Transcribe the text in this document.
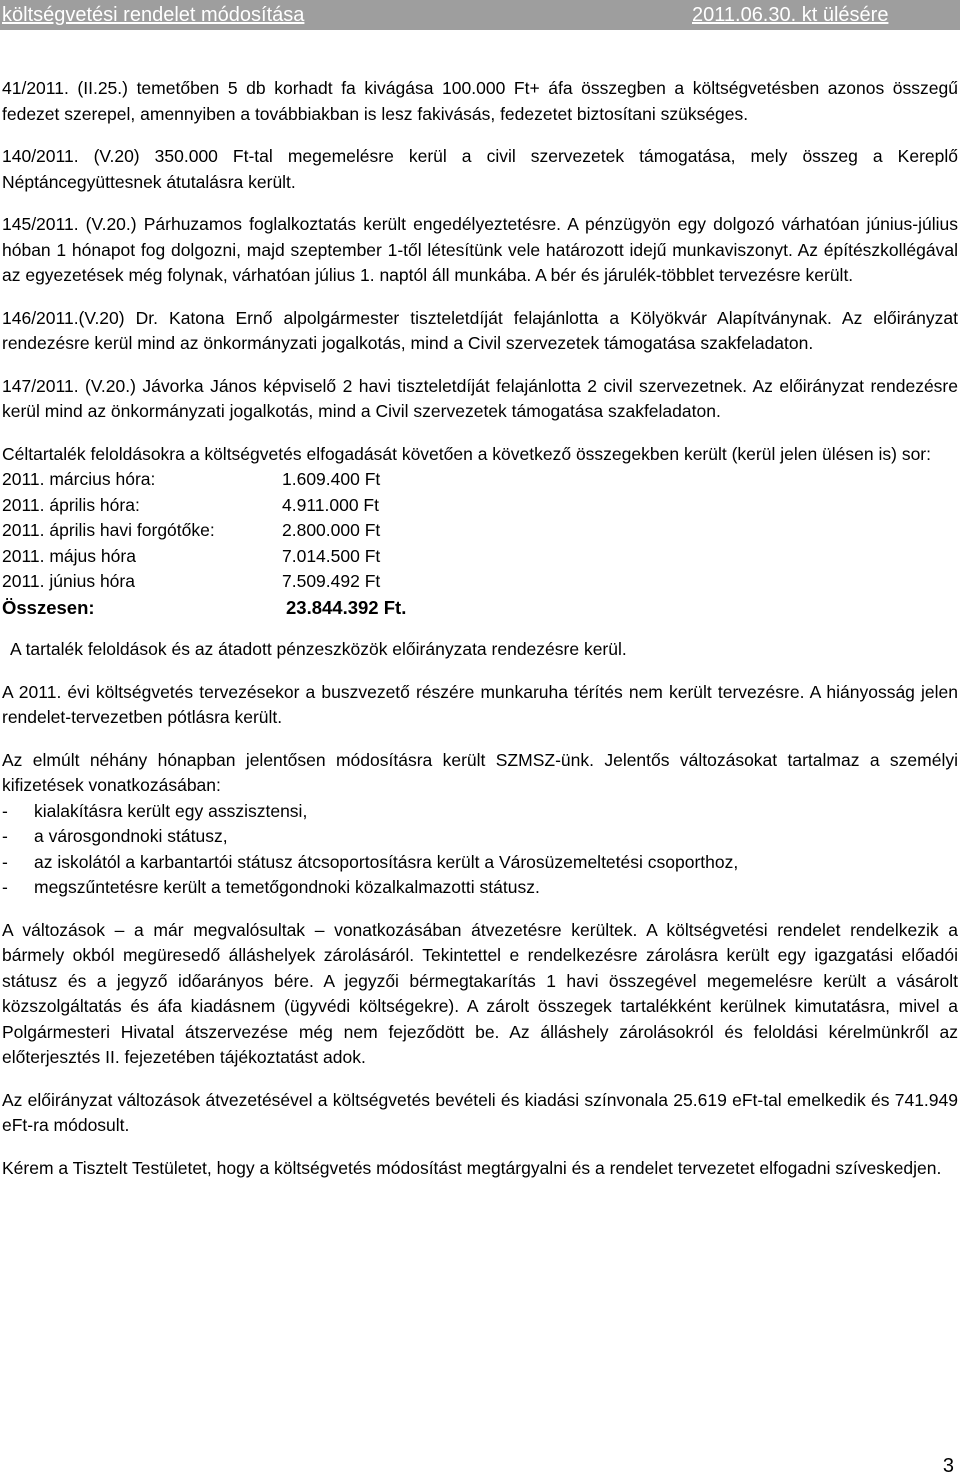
költségvetési rendelet módosítása	2011.06.30. kt ülésére

41/2011. (II.25.) temetőben 5 db korhadt fa kivágása 100.000 Ft+ áfa összegben a költségvetésben azonos összegű fedezet szerepel, amennyiben a továbbiakban is lesz fakivásás, fedezetet biztosítani szükséges.

140/2011. (V.20) 350.000 Ft-tal megemelésre kerül a civil szervezetek támogatása, mely összeg a Kereplő Néptáncegyüttesnek átutalásra került.

145/2011. (V.20.) Párhuzamos foglalkoztatás került engedélyeztetésre. A pénzügyön egy dolgozó várhatóan június-július hóban 1 hónapot fog dolgozni, majd szeptember 1-től létesítünk vele határozott idejű munkaviszonyt. Az építészkollégával az egyezetések még folynak, várhatóan július 1. naptól áll munkába. A bér és járulék-többlet tervezésre került.

146/2011.(V.20) Dr. Katona Ernő alpolgármester tiszteletdíját felajánlotta a Kölyökvár Alapítványnak. Az előirányzat rendezésre kerül mind az önkormányzati jogalkotás, mind a Civil szervezetek támogatása szakfeladaton.

147/2011. (V.20.) Jávorka János képviselő 2 havi tiszteletdíját felajánlotta 2 civil szervezetnek. Az előirányzat rendezésre kerül mind az önkormányzati jogalkotás, mind a Civil szervezetek támogatása szakfeladaton.

Céltartalék feloldásokra a költségvetés elfogadását követően a következő összegekben került (kerül jelen ülésen is) sor:

2011. március hóra:	1.609.400 Ft
2011. április hóra:	4.911.000 Ft
2011. április havi forgótőke:	2.800.000 Ft
2011. május hóra	7.014.500 Ft
2011. június hóra	7.509.492 Ft
Összesen:	23.844.392 Ft.

A tartalék feloldások és az átadott pénzeszközök előirányzata rendezésre kerül.

A 2011. évi költségvetés tervezésekor a buszvezető részére munkaruha térítés nem került tervezésre. A hiányosság jelen rendelet-tervezetben pótlásra került.

Az elmúlt néhány hónapban jelentősen módosításra került SZMSZ-ünk. Jelentős változásokat tartalmaz a személyi kifizetések vonatkozásában:

-	kialakításra került egy asszisztensi,
-	a városgondnoki státusz,
-	az iskolától a karbantartói státusz átcsoportosításra került a Városüzemeltetési csoporthoz,
-	megszűntetésre került a temetőgondnoki közalkalmazotti státusz.

A változások – a már megvalósultak – vonatkozásában átvezetésre kerültek. A költségvetési rendelet rendelkezik a bármely okból megüresedő álláshelyek zárolásáról. Tekintettel e rendelkezésre zárolásra került egy igazgatási előadói státusz és a jegyző időarányos bére. A jegyzői bérmegtakarítás 1 havi összegével megemelésre került a vásárolt közszolgáltatás és áfa kiadásnem (ügyvédi költségekre). A zárolt összegek tartalékként kerülnek kimutatásra, mivel a Polgármesteri Hivatal átszervezése még nem fejeződött be. Az álláshely zárolásokról és feloldási kérelmünkről az előterjesztés II. fejezetében tájékoztatást adok.

Az előirányzat változások átvezetésével a költségvetés bevételi és kiadási színvonala 25.619 eFt-tal emelkedik és 741.949 eFt-ra módosult.

Kérem a Tisztelt Testületet, hogy a költségvetés módosítást megtárgyalni és a rendelet tervezetet elfogadni szíveskedjen.

3
